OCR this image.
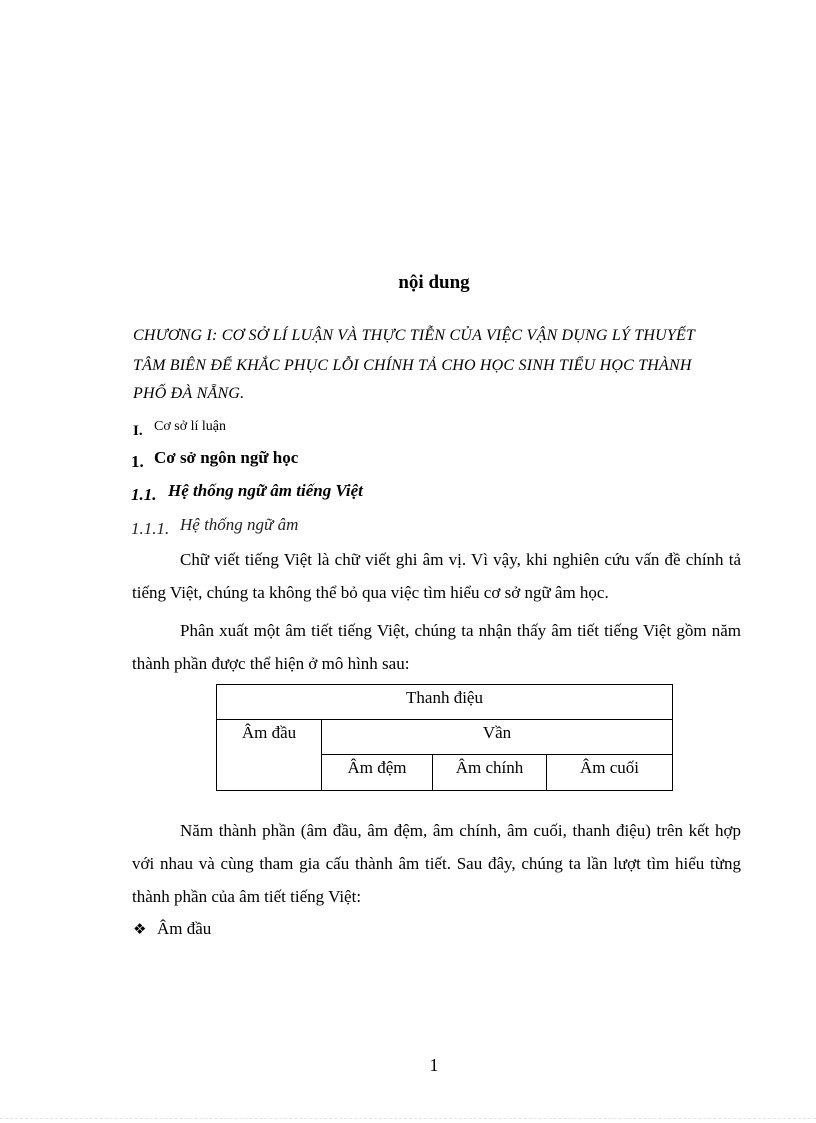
nội dung
CHƯƠNG I: CƠ SỞ LÍ LUẬN VÀ THỰC TIỄN CỦA VIỆC VẬN DỤNG LÝ THUYẾT
TÂM BIÊN ĐỂ KHẮC PHỤC LỖI CHÍNH TẢ CHO HỌC SINH TIỂU HỌC THÀNH
PHỐ ĐÀ NẴNG.
I. Cơ sở lí luận
1. Cơ sở ngôn ngữ học
1.1. Hệ thống ngữ âm tiếng Việt
1.1.1. Hệ thống ngữ âm
Chữ viết tiếng Việt là chữ viết ghi âm vị. Vì vậy, khi nghiên cứu vấn đề chính tả tiếng Việt, chúng ta không thể bỏ qua việc tìm hiểu cơ sở ngữ âm học.
Phân xuất một âm tiết tiếng Việt, chúng ta nhận thấy âm tiết tiếng Việt gồm năm thành phần được thể hiện ở mô hình sau:
Thanh điệu			
Âm đầu	Vần		
	Âm đệm	Âm chính	Âm cuối
Năm thành phần (âm đầu, âm đệm, âm chính, âm cuối, thanh điệu) trên kết hợp với nhau và cùng tham gia cấu thành âm tiết. Sau đây, chúng ta lần lượt tìm hiểu từng thành phần của âm tiết tiếng Việt:
❖ Âm đầu
1
